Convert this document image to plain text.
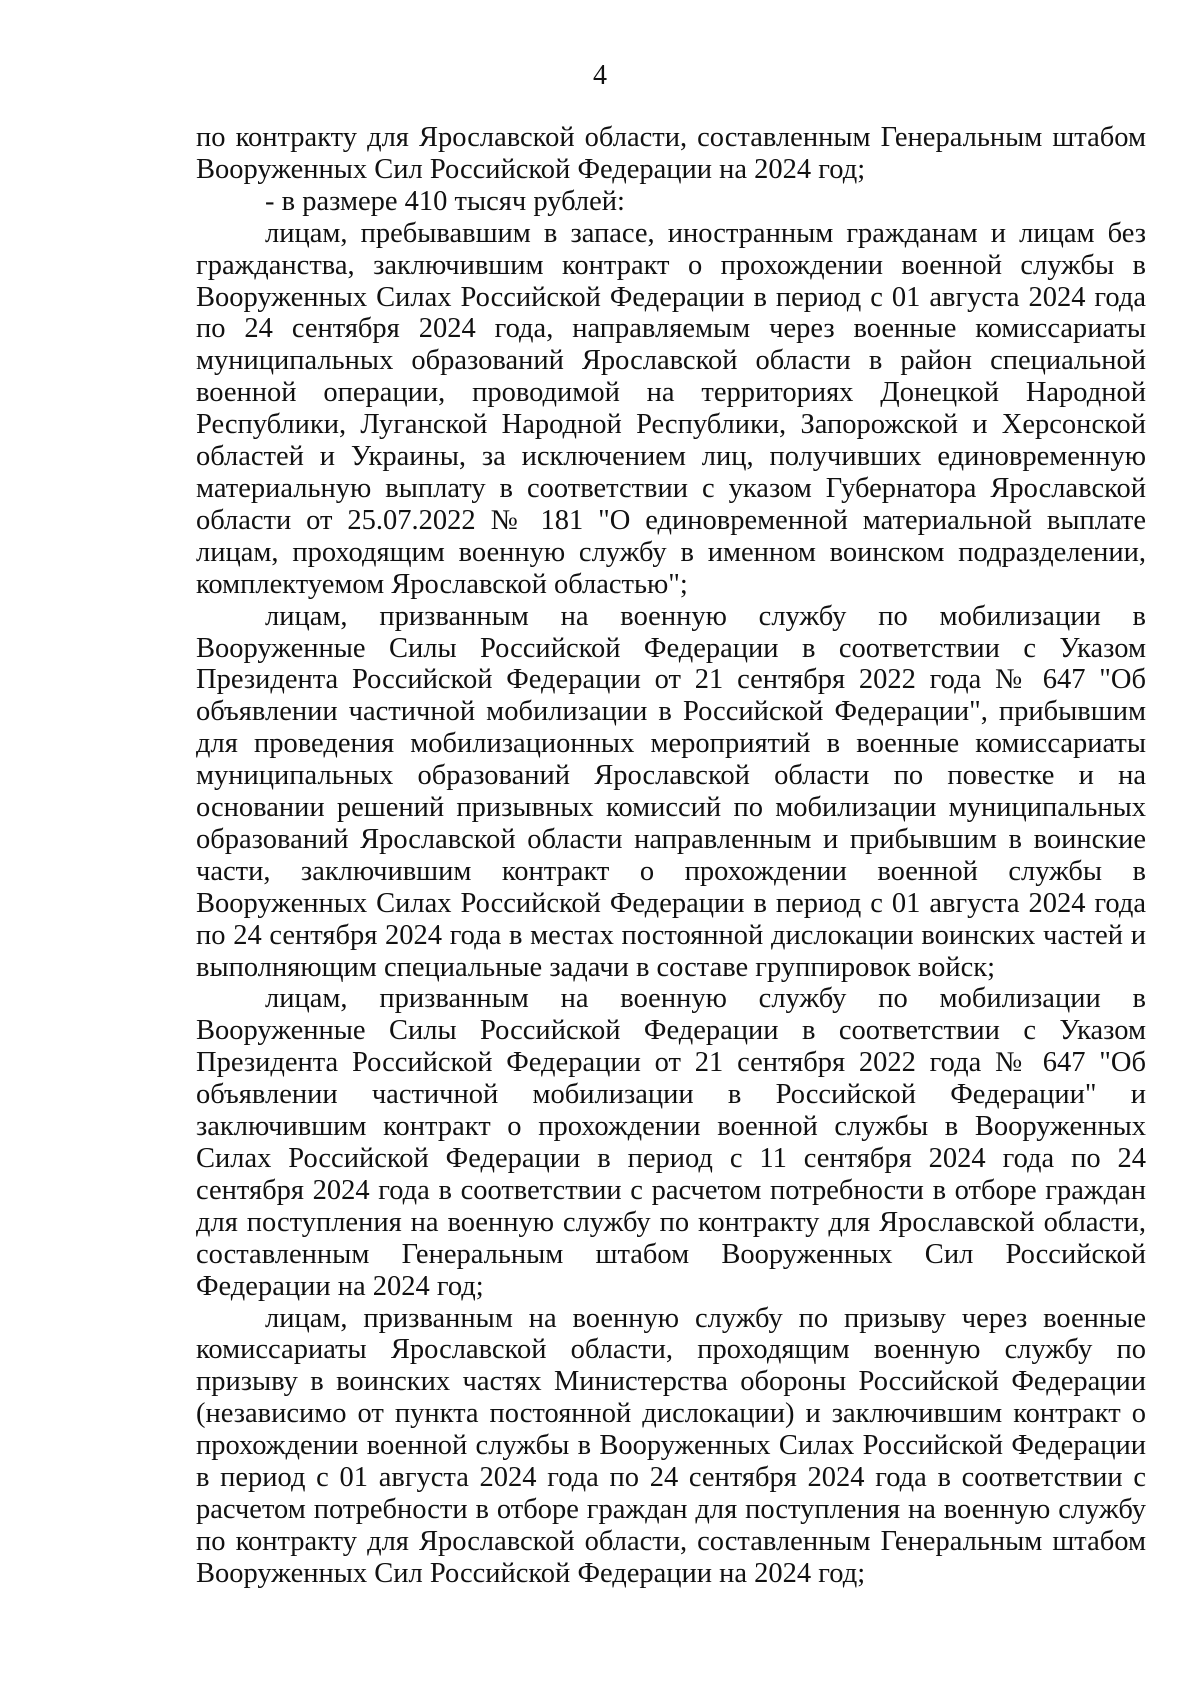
4

по контракту для Ярославской области, составленным Генеральным штабом Вооруженных Сил Российской Федерации на 2024 год;

- в размере 410 тысяч рублей:

лицам, пребывавшим в запасе, иностранным гражданам и лицам без гражданства, заключившим контракт о прохождении военной службы в Вооруженных Силах Российской Федерации в период с 01 августа 2024 года по 24 сентября 2024 года, направляемым через военные комиссариаты муниципальных образований Ярославской области в район специальной военной операции, проводимой на территориях Донецкой Народной Республики, Луганской Народной Республики, Запорожской и Херсонской областей и Украины, за исключением лиц, получивших единовременную материальную выплату в соответствии с указом Губернатора Ярославской области от 25.07.2022 № 181 "О единовременной материальной выплате лицам, проходящим военную службу в именном воинском подразделении, комплектуемом Ярославской областью";

лицам, призванным на военную службу по мобилизации в Вооруженные Силы Российской Федерации в соответствии с Указом Президента Российской Федерации от 21 сентября 2022 года № 647 "Об объявлении частичной мобилизации в Российской Федерации", прибывшим для проведения мобилизационных мероприятий в военные комиссариаты муниципальных образований Ярославской области по повестке и на основании решений призывных комиссий по мобилизации муниципальных образований Ярославской области направленным и прибывшим в воинские части, заключившим контракт о прохождении военной службы в Вооруженных Силах Российской Федерации в период с 01 августа 2024 года по 24 сентября 2024 года в местах постоянной дислокации воинских частей и выполняющим специальные задачи в составе группировок войск;

лицам, призванным на военную службу по мобилизации в Вооруженные Силы Российской Федерации в соответствии с Указом Президента Российской Федерации от 21 сентября 2022 года № 647 "Об объявлении частичной мобилизации в Российской Федерации" и заключившим контракт о прохождении военной службы в Вооруженных Силах Российской Федерации в период с 11 сентября 2024 года по 24 сентября 2024 года в соответствии с расчетом потребности в отборе граждан для поступления на военную службу по контракту для Ярославской области, составленным Генеральным штабом Вооруженных Сил Российской Федерации на 2024 год;

лицам, призванным на военную службу по призыву через военные комиссариаты Ярославской области, проходящим военную службу по призыву в воинских частях Министерства обороны Российской Федерации (независимо от пункта постоянной дислокации) и заключившим контракт о прохождении военной службы в Вооруженных Силах Российской Федерации в период с 01 августа 2024 года по 24 сентября 2024 года в соответствии с расчетом потребности в отборе граждан для поступления на военную службу по контракту для Ярославской области, составленным Генеральным штабом Вооруженных Сил Российской Федерации на 2024 год;
